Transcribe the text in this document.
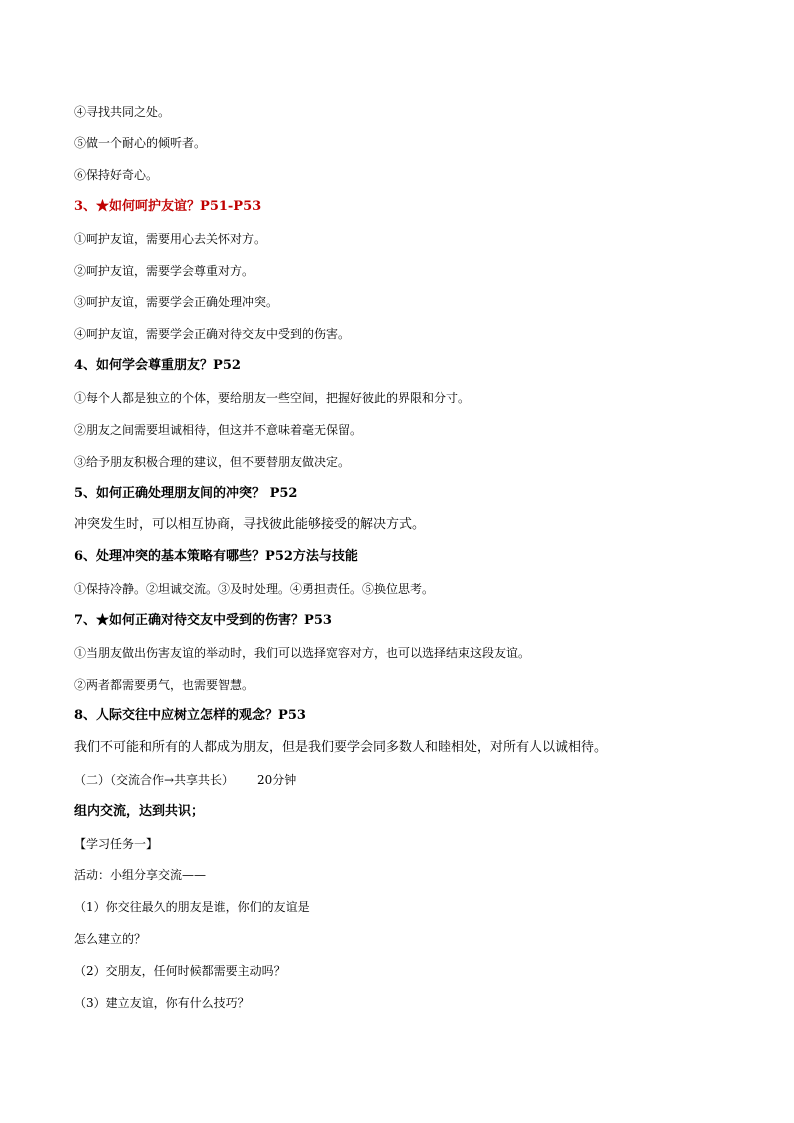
④寻找共同之处。
⑤做一个耐心的倾听者。
⑥保持好奇心。
3、★如何呵护友谊？P51-P53
①呵护友谊，需要用心去关怀对方。
②呵护友谊，需要学会尊重对方。
③呵护友谊，需要学会正确处理冲突。
④呵护友谊，需要学会正确对待交友中受到的伤害。
4、如何学会尊重朋友？P52
①每个人都是独立的个体，要给朋友一些空间，把握好彼此的界限和分寸。
②朋友之间需要坦诚相待，但这并不意味着毫无保留。
③给予朋友积极合理的建议，但不要替朋友做决定。
5、如何正确处理朋友间的冲突？ P52
冲突发生时，可以相互协商，寻找彼此能够接受的解决方式。
6、处理冲突的基本策略有哪些？P52方法与技能
①保持冷静。②坦诚交流。③及时处理。④勇担责任。⑤换位思考。
7、★如何正确对待交友中受到的伤害？P53
①当朋友做出伤害友谊的举动时，我们可以选择宽容对方，也可以选择结束这段友谊。
②两者都需要勇气，也需要智慧。
8、人际交往中应树立怎样的观念？P53
我们不可能和所有的人都成为朋友，但是我们要学会同多数人和睦相处，对所有人以诚相待。
（二）（交流合作→共享共长）      20分钟
组内交流，达到共识；
【学习任务一】
活动：小组分享交流——
（1）你交往最久的朋友是谁，你们的友谊是
怎么建立的？
（2）交朋友，任何时候都需要主动吗？
（3）建立友谊，你有什么技巧？
